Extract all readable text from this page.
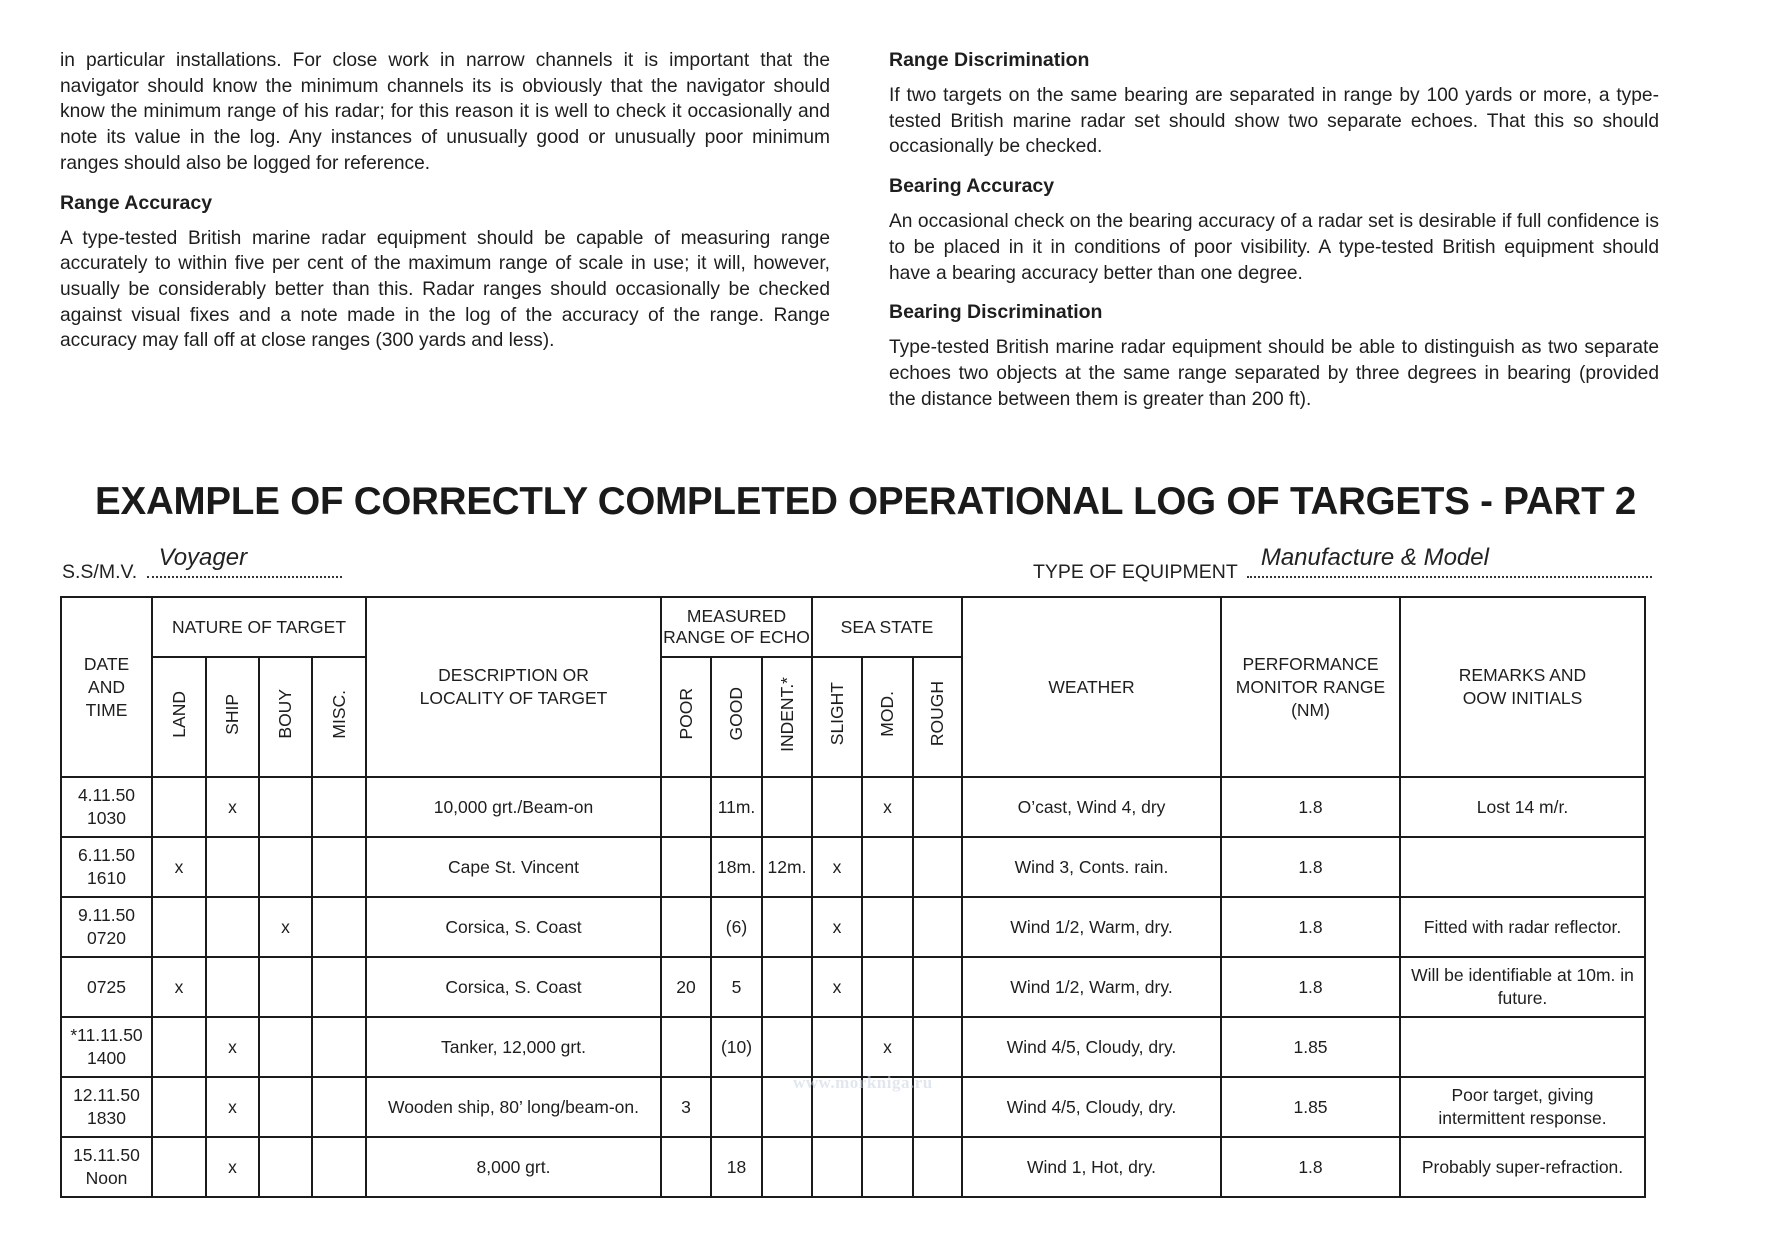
in particular installations. For close work in narrow channels it is important that the navigator should know the minimum channels its is obviously that the navigator should know the minimum range of his radar; for this reason it is well to check it occasionally and note its value in the log. Any instances of unusually good or unusually poor minimum ranges should also be logged for reference.

Range Accuracy

A type-tested British marine radar equipment should be capable of measuring range accurately to within five per cent of the maximum range of scale in use; it will, however, usually be considerably better than this. Radar ranges should occasionally be checked against visual fixes and a note made in the log of the accuracy of the range. Range accuracy may fall off at close ranges (300 yards and less).

Range Discrimination

If two targets on the same bearing are separated in range by 100 yards or more, a type-tested British marine radar set should show two separate echoes. That this so should occasionally be checked.

Bearing Accuracy

An occasional check on the bearing accuracy of a radar set is desirable if full confidence is to be placed in it in conditions of poor visibility. A type-tested British equipment should have a bearing accuracy better than one degree.

Bearing Discrimination

Type-tested British marine radar equipment should be able to distinguish as two separate echoes two objects at the same range separated by three degrees in bearing (provided the distance between them is greater than 200 ft).

EXAMPLE OF CORRECTLY COMPLETED OPERATIONAL LOG OF TARGETS - PART 2
S.S/M.V.
Voyager
TYPE OF EQUIPMENT
Manufacture & Model
DATE AND TIME	NATURE OF TARGET				DESCRIPTION OR LOCALITY OF TARGET	MEASURED RANGE OF ECHO			SEA STATE			WEATHER	PERFORMANCE MONITOR RANGE (NM)	REMARKS AND OOW INITIALS
	LAND	SHIP	BOUY	MISC.		POOR	GOOD	INDENT.*	SLIGHT	MOD.	ROUGH			

4.11.50
1030		x			10,000 grt./Beam-on		11m.			x		O’cast, Wind 4, dry	1.8	Lost 14 m/r.

6.11.50
1610	x				Cape St. Vincent		18m.	12m.	x			Wind 3, Conts. rain.	1.8	

9.11.50
0720			x		Corsica, S. Coast		(6)		x			Wind 1/2, Warm, dry.	1.8	Fitted with radar reflector.

0725	x				Corsica, S. Coast	20	5		x			Wind 1/2, Warm, dry.	1.8	Will be identifiable at 10m. in future.

*11.11.50
1400		x			Tanker, 12,000 grt.		(10)			x		Wind 4/5, Cloudy, dry.	1.85	

12.11.50
1830		x			Wooden ship, 80’ long/beam-on.	3						Wind 4/5, Cloudy, dry.	1.85	Poor target, giving intermittent response.

15.11.50
Noon		x			8,000 grt.		18					Wind 1, Hot, dry.	1.8	Probably super-refraction.
www.morkniga.ru
